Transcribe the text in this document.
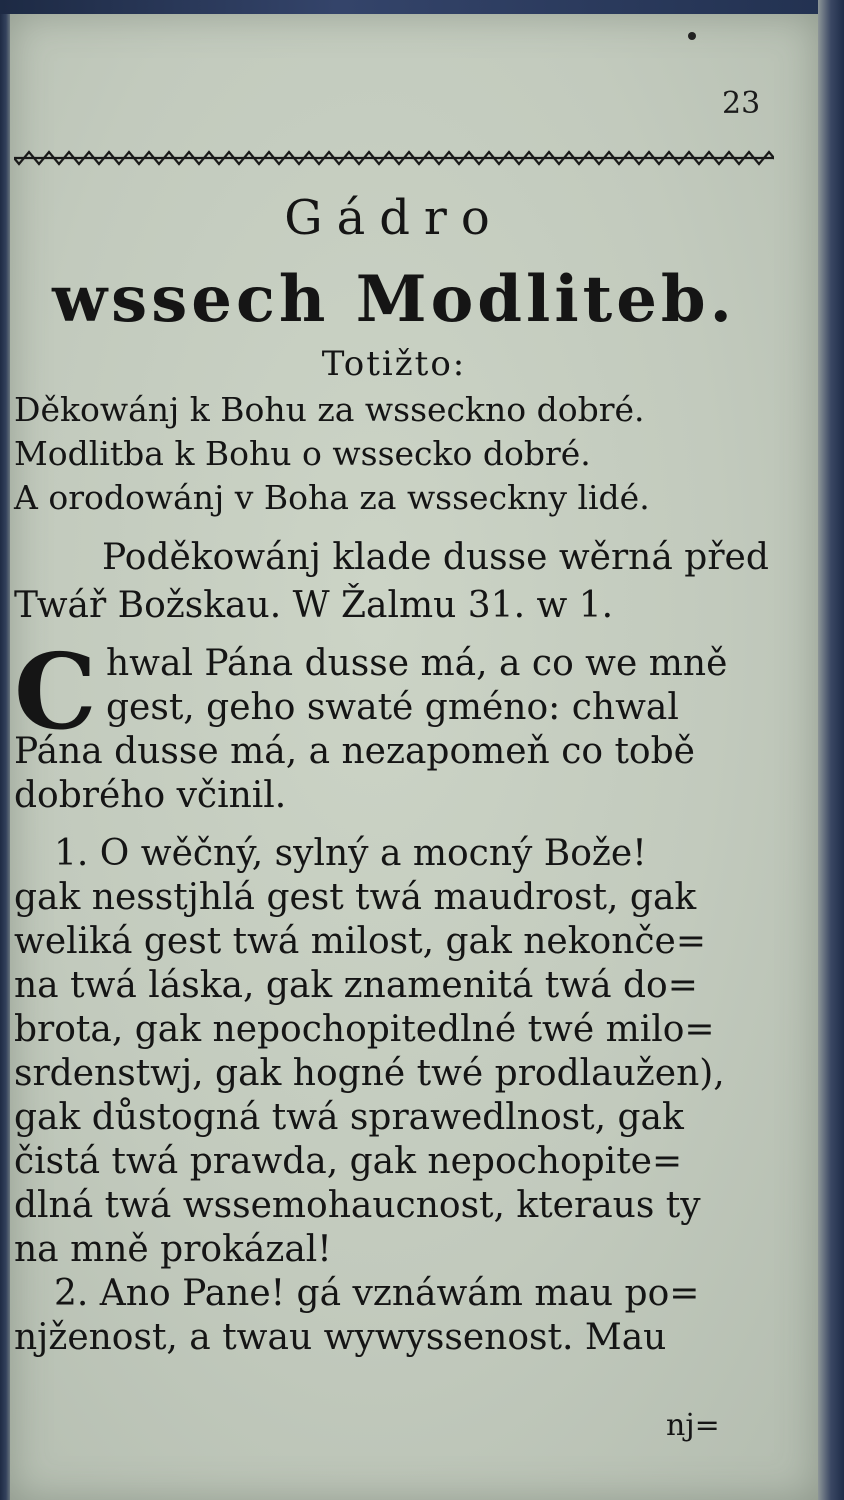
23
Gádro
wssech Modliteb.
Totižto:
Děkowánj k Bohu za wsseckno dobré.
Modlitba k Bohu o wssecko dobré.
A orodowánj v Boha za wsseckny lidé.
Poděkowánj klade dusse wěrná před
Twář Božskau. W Žalmu 31. w 1.
C hwal Pána dusse má, a co we mně
gest, geho swaté gméno: chwal
Pána dusse má, a nezapomeň co tobě
dobrého včinil.
1. O wěčný, sylný a mocný Bože!
gak nesstjhlá gest twá maudrost, gak
weliká gest twá milost, gak nekonče=
na twá láska, gak znamenitá twá do=
brota, gak nepochopitedlné twé milo=
srdenstwj, gak hogné twé prodlaužen),
gak důstogná twá sprawedlnost, gak
čistá twá prawda, gak nepochopite=
dlná twá wssemohaucnost, kteraus ty
na mně prokázal!
2. Ano Pane! gá vznáwám mau po=
njženost, a twau wywyssenost. Mau
nj=
